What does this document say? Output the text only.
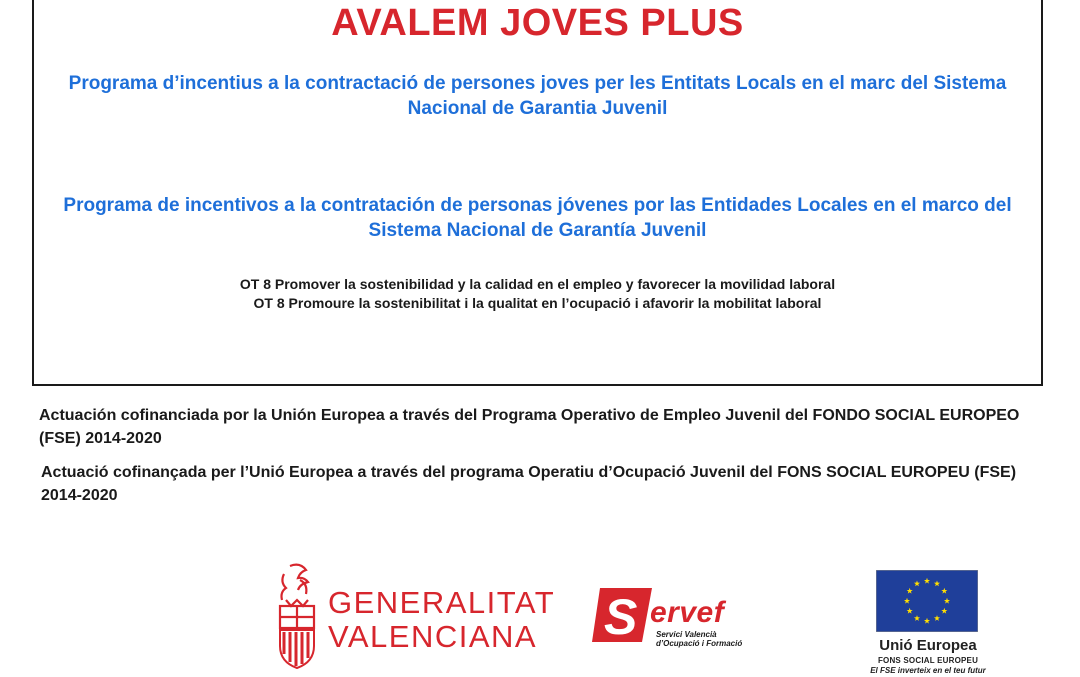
AVALEM JOVES PLUS
Programa d’incentius a la contractació de persones joves per les Entitats Locals en el marc del Sistema Nacional de Garantia Juvenil
Programa de incentivos a la contratación de personas jóvenes por las Entidades Locales en el marco del Sistema Nacional de Garantía Juvenil
OT 8 Promover la sostenibilidad y la calidad en el empleo y favorecer la movilidad laboral
OT 8 Promoure la sostenibilitat i la qualitat en l’ocupació i afavorir la mobilitat laboral
Actuación cofinanciada por la Unión Europea a través del Programa Operativo de Empleo Juvenil del FONDO SOCIAL EUROPEO (FSE) 2014-2020
Actuació cofinançada per l’Unió Europea a través del programa Operatiu d’Ocupació Juvenil del FONS SOCIAL EUROPEU (FSE) 2014-2020
GENERALITAT
VALENCIANA	S ervef
Servici Valencià
d’Ocupació i Formació	Unió Europea
FONS SOCIAL EUROPEU
El FSE inverteix en el teu futur
